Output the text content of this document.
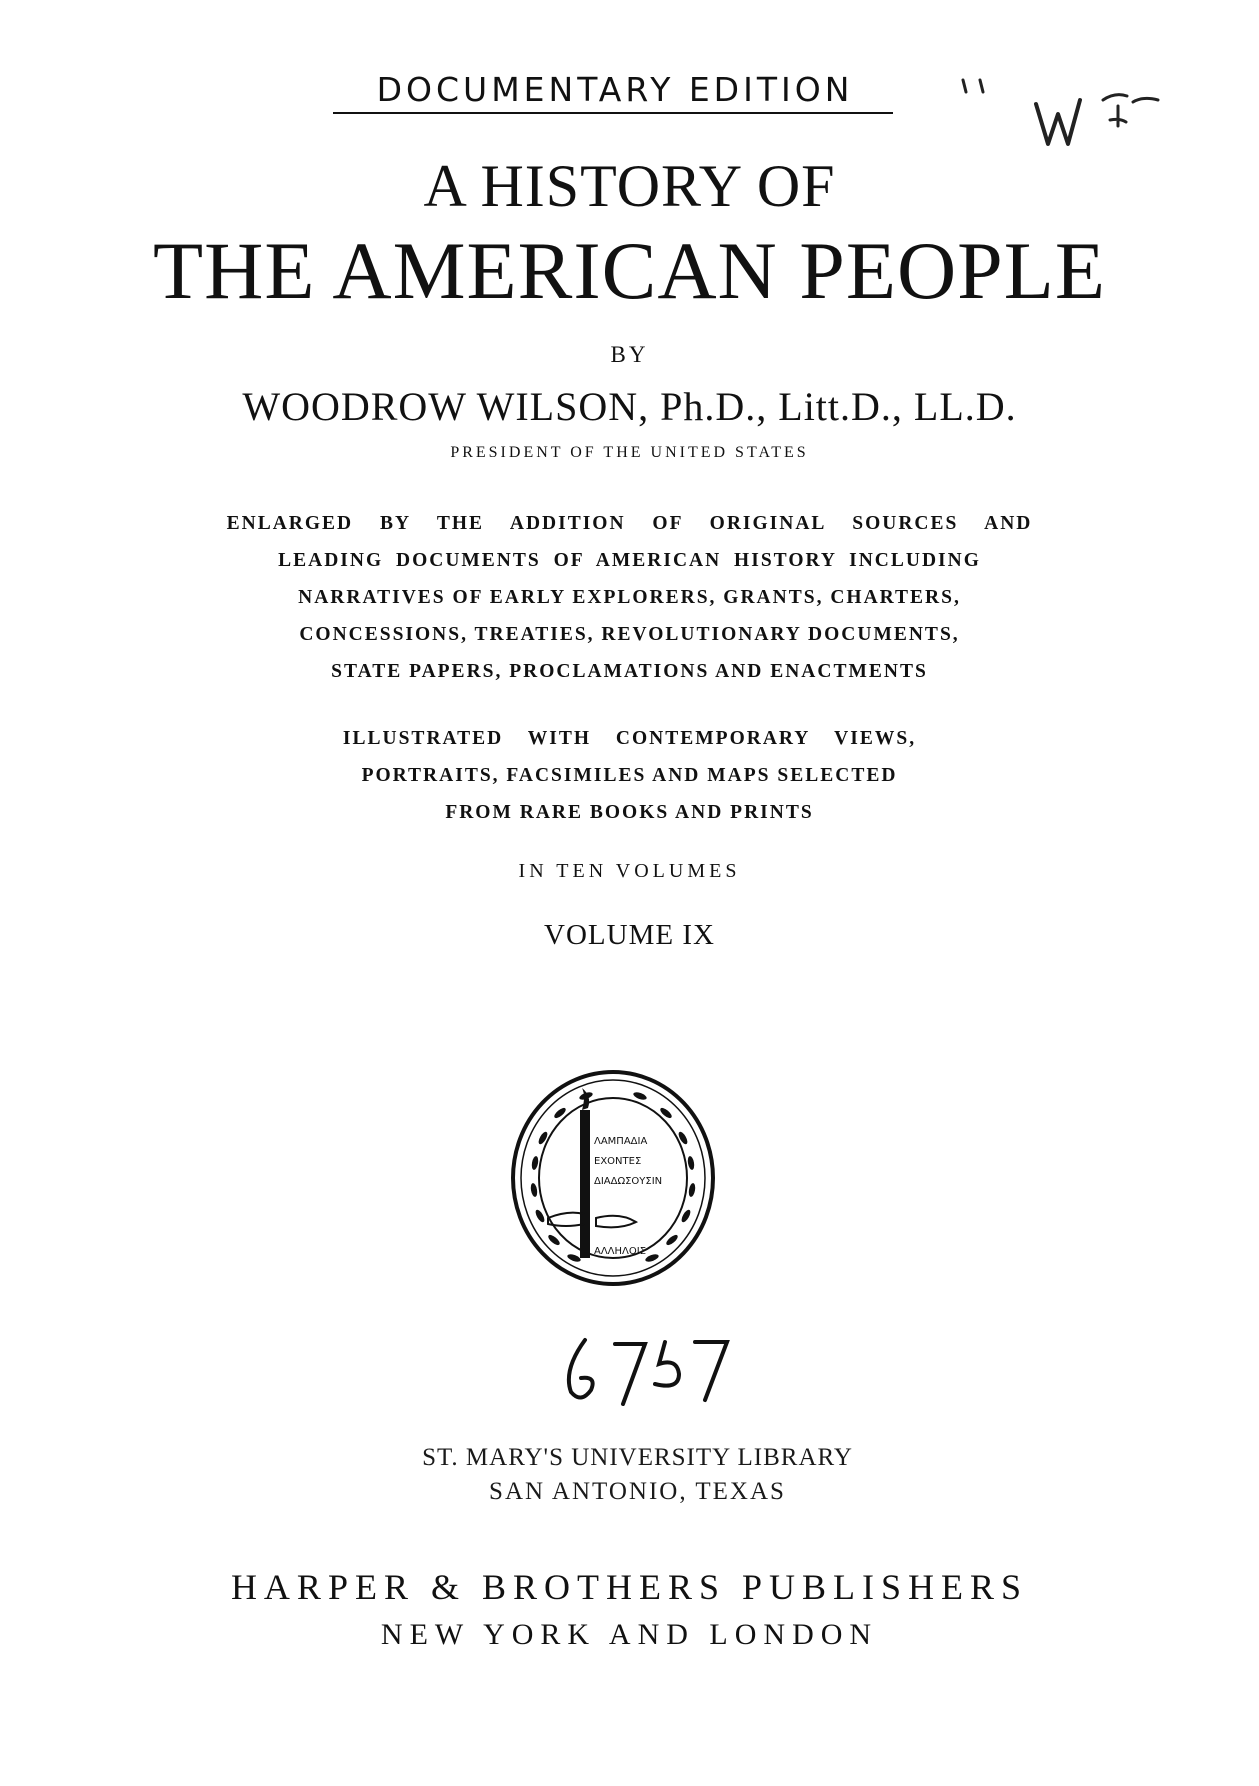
DOCUMENTARY EDITION
A HISTORY OF
THE AMERICAN PEOPLE
BY
WOODROW WILSON, Ph.D., Litt.D., LL.D.
PRESIDENT OF THE UNITED STATES
ENLARGED BY THE ADDITION OF ORIGINAL SOURCES AND
LEADING DOCUMENTS OF AMERICAN HISTORY INCLUDING
NARRATIVES OF EARLY EXPLORERS, GRANTS, CHARTERS,
CONCESSIONS, TREATIES, REVOLUTIONARY DOCUMENTS,
STATE PAPERS, PROCLAMATIONS AND ENACTMENTS
ILLUSTRATED WITH CONTEMPORARY VIEWS,
PORTRAITS, FACSIMILES AND MAPS SELECTED
FROM RARE BOOKS AND PRINTS
IN TEN VOLUMES
VOLUME IX
ΛΑΜΠΑΔΙΑ
ΕΧΟΝΤΕΣ
ΔΙΑΔΩΣΟΥΣΙΝ
ΑΛΛΗΛΟΙΣ
ST. MARY'S UNIVERSITY LIBRARY
SAN ANTONIO, TEXAS
HARPER & BROTHERS PUBLISHERS
NEW YORK AND LONDON
